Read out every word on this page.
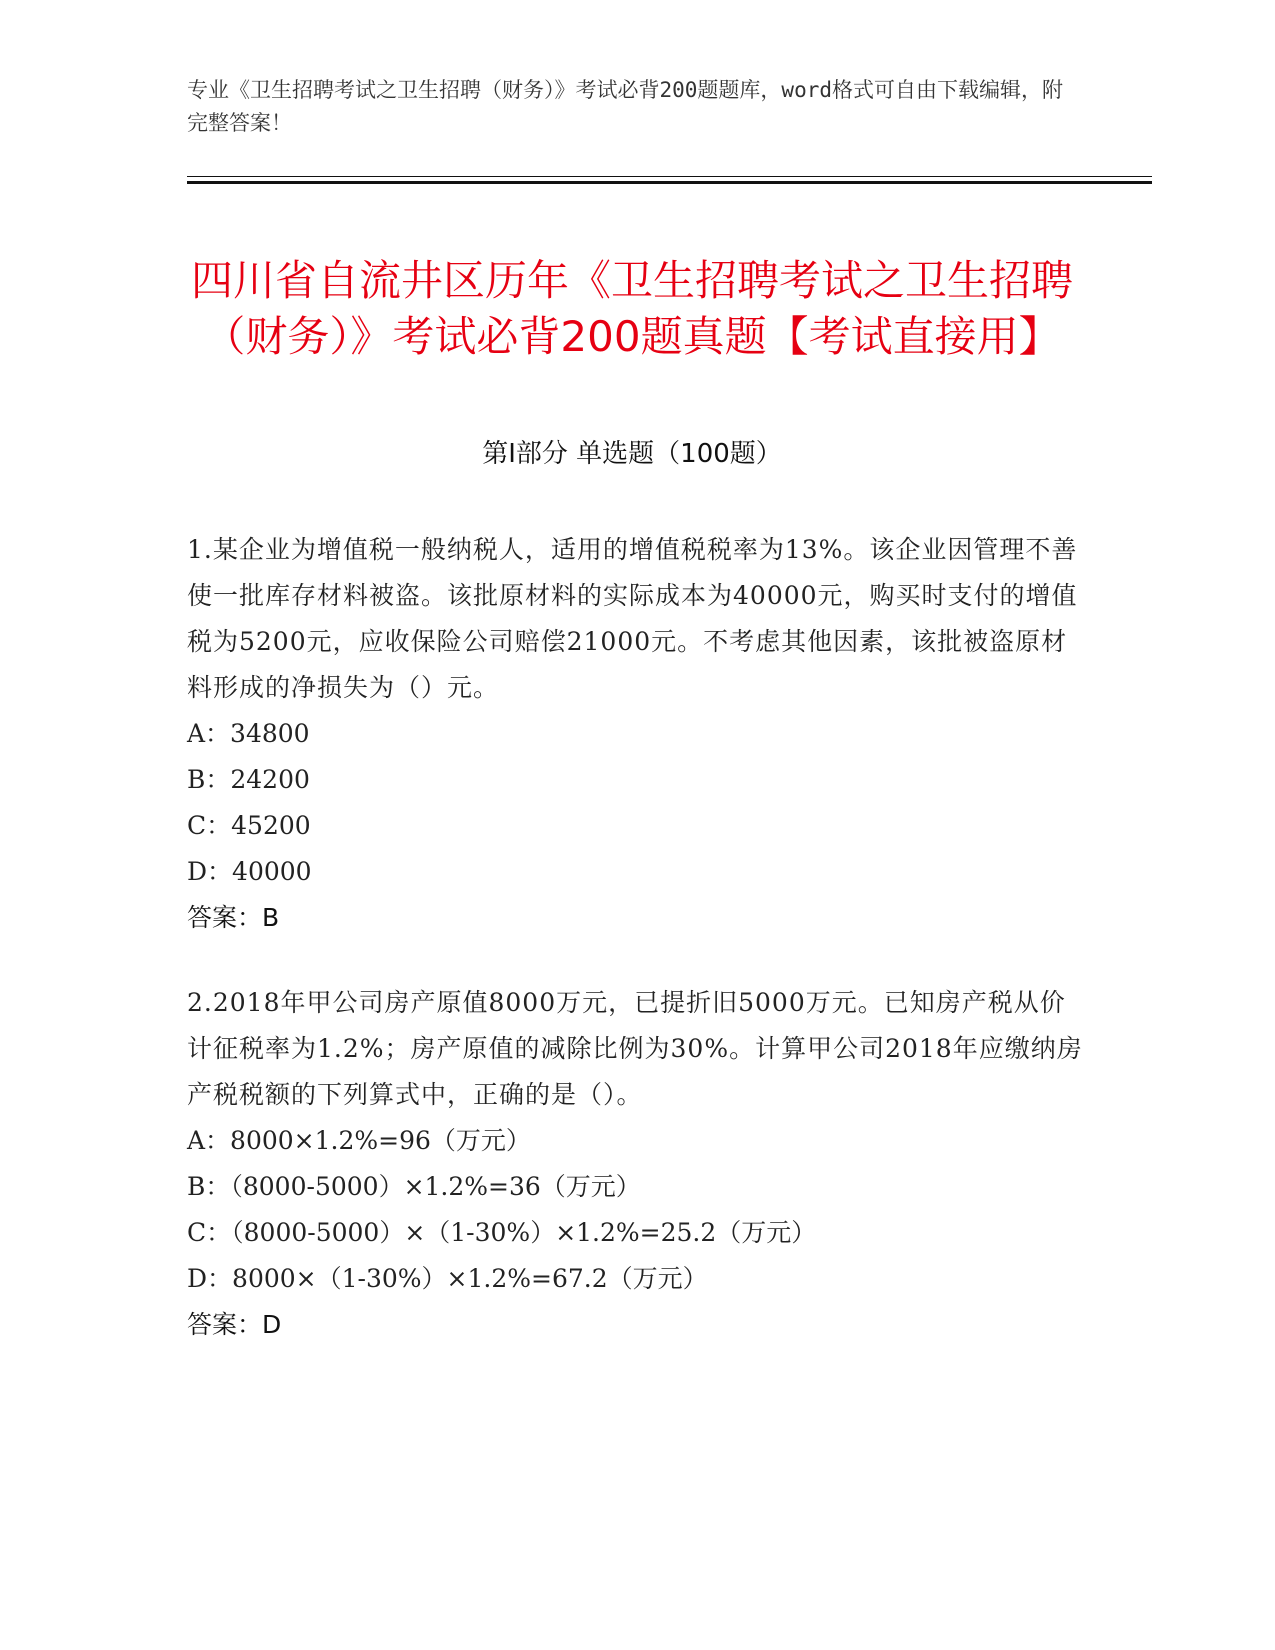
专业《卫生招聘考试之卫生招聘（财务）》考试必背200题题库，word格式可自由下载编辑，附完整答案！
四川省自流井区历年《卫生招聘考试之卫生招聘（财务）》考试必背200题真题【考试直接用】
第I部分 单选题（100题）

1.某企业为增值税一般纳税人，适用的增值税税率为13%。该企业因管理不善使一批库存材料被盗。该批原材料的实际成本为40000元，购买时支付的增值税为5200元，应收保险公司赔偿21000元。不考虑其他因素，该批被盗原材料形成的净损失为（）元。

A：34800
B：24200
C：45200
D：40000
答案：B

2.2018年甲公司房产原值8000万元，已提折旧5000万元。已知房产税从价计征税率为1.2%；房产原值的减除比例为30%。计算甲公司2018年应缴纳房产税税额的下列算式中，正确的是（）。

A：8000×1.2%=96（万元）
B：（8000-5000）×1.2%=36（万元）
C：（8000-5000）×（1-30%）×1.2%=25.2（万元）
D：8000×（1-30%）×1.2%=67.2（万元）
答案：D
